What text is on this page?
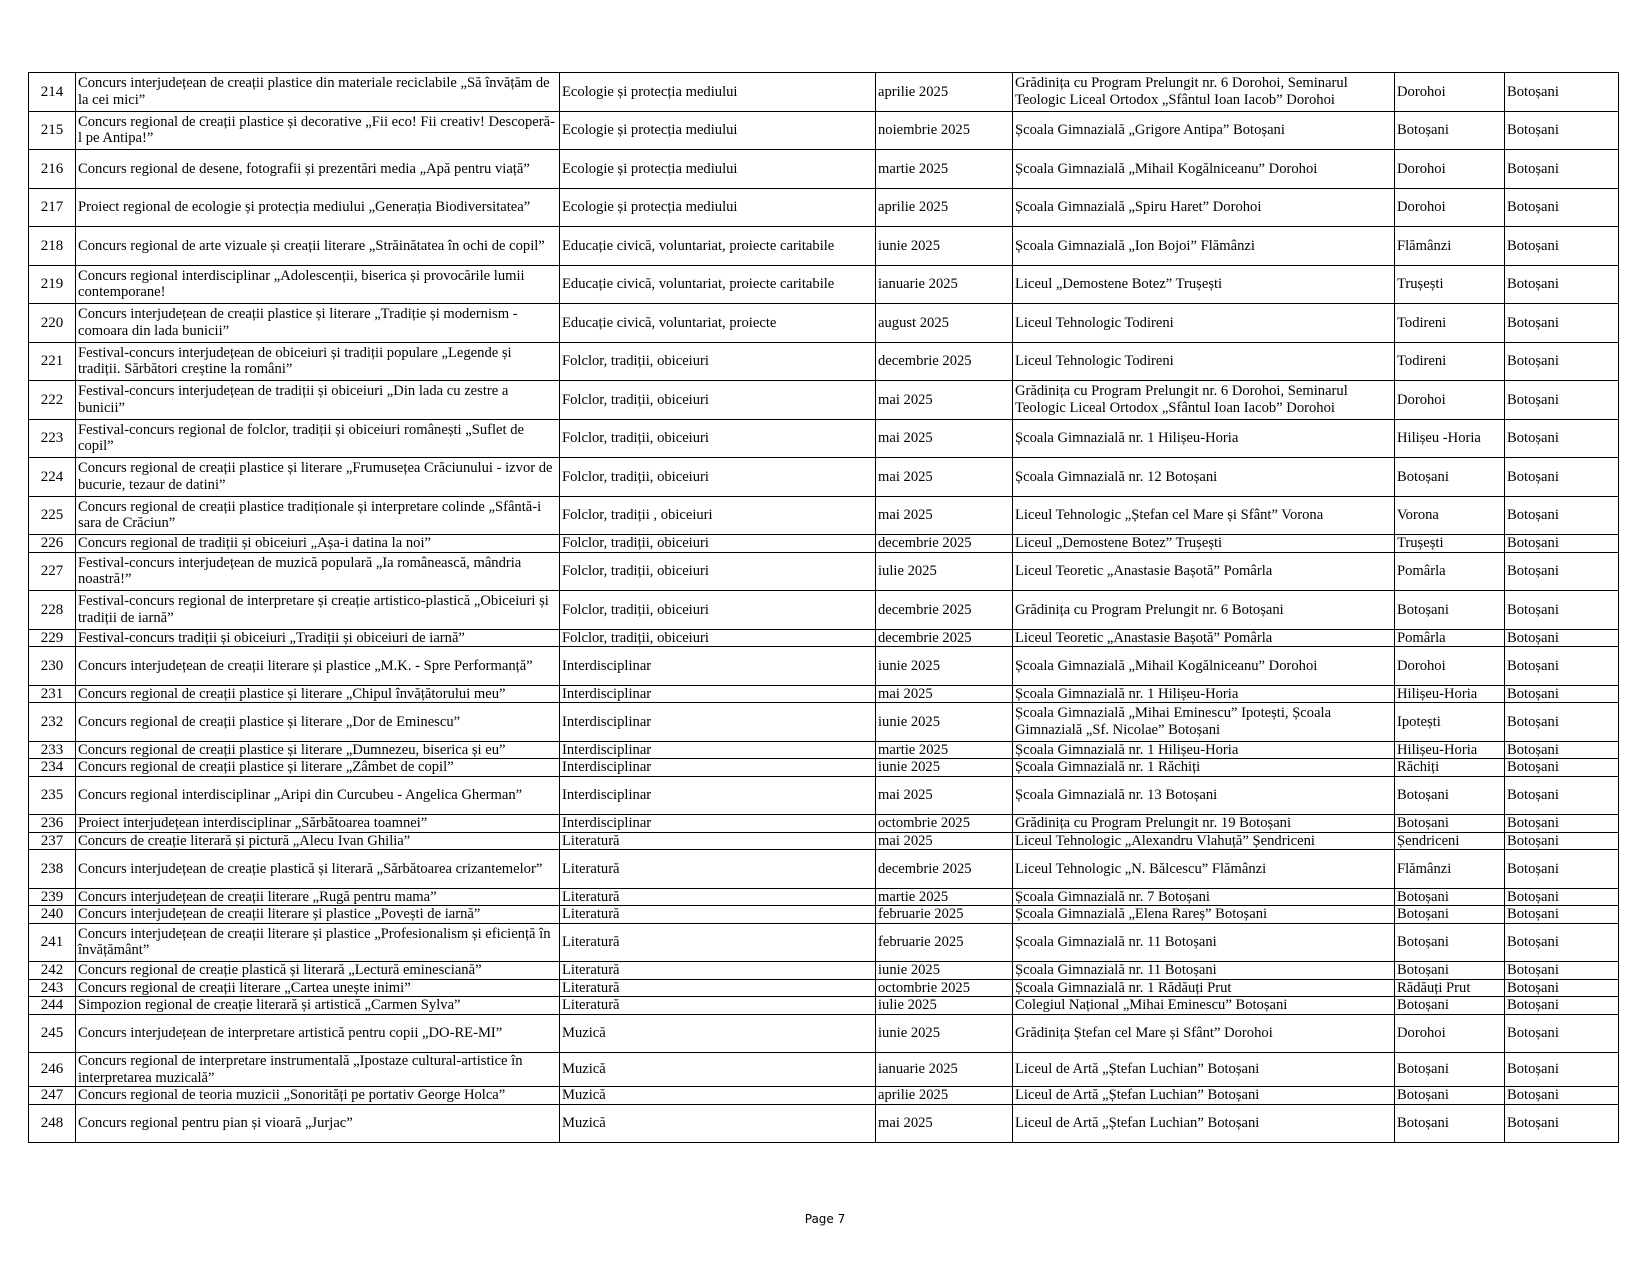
214	Concurs interjudețean de creații plastice din materiale reciclabile „Să învățăm de la cei mici”	Ecologie și protecția mediului	aprilie 2025	Grădinița cu Program Prelungit nr. 6 Dorohoi, Seminarul Teologic Liceal Ortodox „Sfântul Ioan Iacob” Dorohoi	Dorohoi	Botoșani
215	Concurs regional de creații plastice și decorative „Fii eco! Fii creativ! Descoperă-l pe Antipa!”	Ecologie și protecția mediului	noiembrie 2025	Școala Gimnazială „Grigore Antipa” Botoșani	Botoșani	Botoșani
216	Concurs regional de desene, fotografii și prezentări media „Apă pentru viață”	Ecologie și protecția mediului	martie 2025	Școala Gimnazială „Mihail Kogălniceanu” Dorohoi	Dorohoi	Botoșani
217	Proiect regional de ecologie și protecția mediului „Generația Biodiversitatea”	Ecologie și protecția mediului	aprilie 2025	Școala Gimnazială „Spiru Haret” Dorohoi	Dorohoi	Botoșani
218	Concurs regional de arte vizuale și creații literare „Străinătatea în ochi de copil”	Educație civică, voluntariat, proiecte caritabile	iunie 2025	Școala Gimnazială „Ion Bojoi” Flămânzi	Flămânzi	Botoșani
219	Concurs regional interdisciplinar „Adolescenții, biserica și provocările lumii contemporane!	Educație civică, voluntariat, proiecte caritabile	ianuarie 2025	Liceul „Demostene Botez” Trușești	Trușești	Botoșani
220	Concurs interjudețean de creații plastice și literare „Tradiție și modernism - comoara din lada bunicii”	Educație civică, voluntariat, proiecte	august 2025	Liceul Tehnologic Todireni	Todireni	Botoșani
221	Festival-concurs interjudețean de obiceiuri și tradiții populare „Legende și tradiții. Sărbători creștine la români”	Folclor, tradiții, obiceiuri	decembrie 2025	Liceul Tehnologic Todireni	Todireni	Botoșani
222	Festival-concurs interjudețean de tradiții și obiceiuri „Din lada cu zestre a bunicii”	Folclor, tradiții, obiceiuri	mai 2025	Grădinița cu Program Prelungit nr. 6 Dorohoi, Seminarul Teologic Liceal Ortodox „Sfântul Ioan Iacob” Dorohoi	Dorohoi	Botoșani
223	Festival-concurs regional de folclor, tradiții și obiceiuri românești „Suflet de copil”	Folclor, tradiții, obiceiuri	mai 2025	Școala Gimnazială nr. 1 Hilișeu-Horia	Hilișeu -Horia	Botoșani
224	Concurs regional de creații plastice și literare „Frumusețea Crăciunului - izvor de bucurie, tezaur de datini”	Folclor, tradiții, obiceiuri	mai 2025	Școala Gimnazială nr. 12 Botoșani	Botoșani	Botoșani
225	Concurs regional de creații plastice tradiționale și interpretare colinde „Sfântă-i sara de Crăciun”	Folclor, tradiții , obiceiuri	mai 2025	Liceul Tehnologic „Ștefan cel Mare și Sfânt” Vorona	Vorona	Botoșani
226	Concurs regional de tradiții și obiceiuri „Așa-i datina la noi”	Folclor, tradiții, obiceiuri	decembrie 2025	Liceul „Demostene Botez” Trușești	Trușești	Botoșani
227	Festival-concurs interjudețean de muzică populară „Ia românească, mândria noastră!”	Folclor, tradiții, obiceiuri	iulie 2025	Liceul Teoretic „Anastasie Bașotă” Pomârla	Pomârla	Botoșani
228	Festival-concurs regional de interpretare și creație artistico-plastică „Obiceiuri și tradiții de iarnă”	Folclor, tradiții, obiceiuri	decembrie 2025	Grădinița cu Program Prelungit nr. 6 Botoșani	Botoșani	Botoșani
229	Festival-concurs tradiții și obiceiuri „Tradiții și obiceiuri de iarnă”	Folclor, tradiții, obiceiuri	decembrie 2025	Liceul Teoretic „Anastasie Bașotă” Pomârla	Pomârla	Botoșani
230	Concurs interjudețean de creații literare și plastice „M.K. - Spre Performanță”	Interdisciplinar	iunie 2025	Școala Gimnazială „Mihail Kogălniceanu” Dorohoi	Dorohoi	Botoșani
231	Concurs regional de creații plastice și literare „Chipul învățătorului meu”	Interdisciplinar	mai 2025	Școala Gimnazială nr. 1 Hilișeu-Horia	Hilișeu-Horia	Botoșani
232	Concurs regional de creații plastice și literare „Dor de Eminescu”	Interdisciplinar	iunie 2025	Școala Gimnazială „Mihai Eminescu” Ipotești, Școala Gimnazială „Sf. Nicolae” Botoșani	Ipotești	Botoșani
233	Concurs regional de creații plastice și literare „Dumnezeu, biserica și eu”	Interdisciplinar	martie 2025	Școala Gimnazială nr. 1 Hilișeu-Horia	Hilișeu-Horia	Botoșani
234	Concurs regional de creații plastice și literare „Zâmbet de copil”	Interdisciplinar	iunie 2025	Școala Gimnazială nr. 1 Răchiți	Răchiți	Botoșani
235	Concurs regional interdisciplinar „Aripi din Curcubeu - Angelica Gherman”	Interdisciplinar	mai 2025	Școala Gimnazială nr. 13 Botoșani	Botoșani	Botoșani
236	Proiect interjudețean interdisciplinar „Sărbătoarea toamnei”	Interdisciplinar	octombrie 2025	Grădinița cu Program Prelungit nr. 19 Botoșani	Botoșani	Botoșani
237	Concurs de creație literară și pictură „Alecu Ivan Ghilia”	Literatură	mai 2025	Liceul Tehnologic „Alexandru Vlahuță” Șendriceni	Șendriceni	Botoșani
238	Concurs interjudețean de creație plastică și literară „Sărbătoarea crizantemelor”	Literatură	decembrie 2025	Liceul Tehnologic „N. Bălcescu” Flămânzi	Flămânzi	Botoșani
239	Concurs interjudețean de creații literare „Rugă pentru mama”	Literatură	martie 2025	Școala Gimnazială nr. 7 Botoșani	Botoșani	Botoșani
240	Concurs interjudețean de creații literare și plastice „Povești de iarnă”	Literatură	februarie 2025	Școala Gimnazială „Elena Rareș” Botoșani	Botoșani	Botoșani
241	Concurs interjudețean de creații literare și plastice „Profesionalism și eficiență în învățământ”	Literatură	februarie 2025	Școala Gimnazială nr. 11 Botoșani	Botoșani	Botoșani
242	Concurs regional de creație plastică și literară „Lectură eminesciană”	Literatură	iunie 2025	Școala Gimnazială nr. 11 Botoșani	Botoșani	Botoșani
243	Concurs regional de creații literare „Cartea unește inimi”	Literatură	octombrie 2025	Școala Gimnazială nr. 1 Rădăuți Prut	Rădăuți Prut	Botoșani
244	Simpozion regional de creație literară și artistică „Carmen Sylva”	Literatură	iulie 2025	Colegiul Național „Mihai Eminescu” Botoșani	Botoșani	Botoșani
245	Concurs interjudețean de interpretare artistică pentru copii „DO-RE-MI”	Muzică	iunie 2025	Grădinița Ștefan cel Mare și Sfânt” Dorohoi	Dorohoi	Botoșani
246	Concurs regional de interpretare instrumentală „Ipostaze cultural-artistice în interpretarea muzicală”	Muzică	ianuarie 2025	Liceul de Artă „Ștefan Luchian” Botoșani	Botoșani	Botoșani
247	Concurs regional de teoria muzicii „Sonorități pe portativ George Holca”	Muzică	aprilie 2025	Liceul de Artă „Ștefan Luchian” Botoșani	Botoșani	Botoșani
248	Concurs regional pentru pian și vioară „Jurjac”	Muzică	mai 2025	Liceul de Artă „Ștefan Luchian” Botoșani	Botoșani	Botoșani
Page 7
